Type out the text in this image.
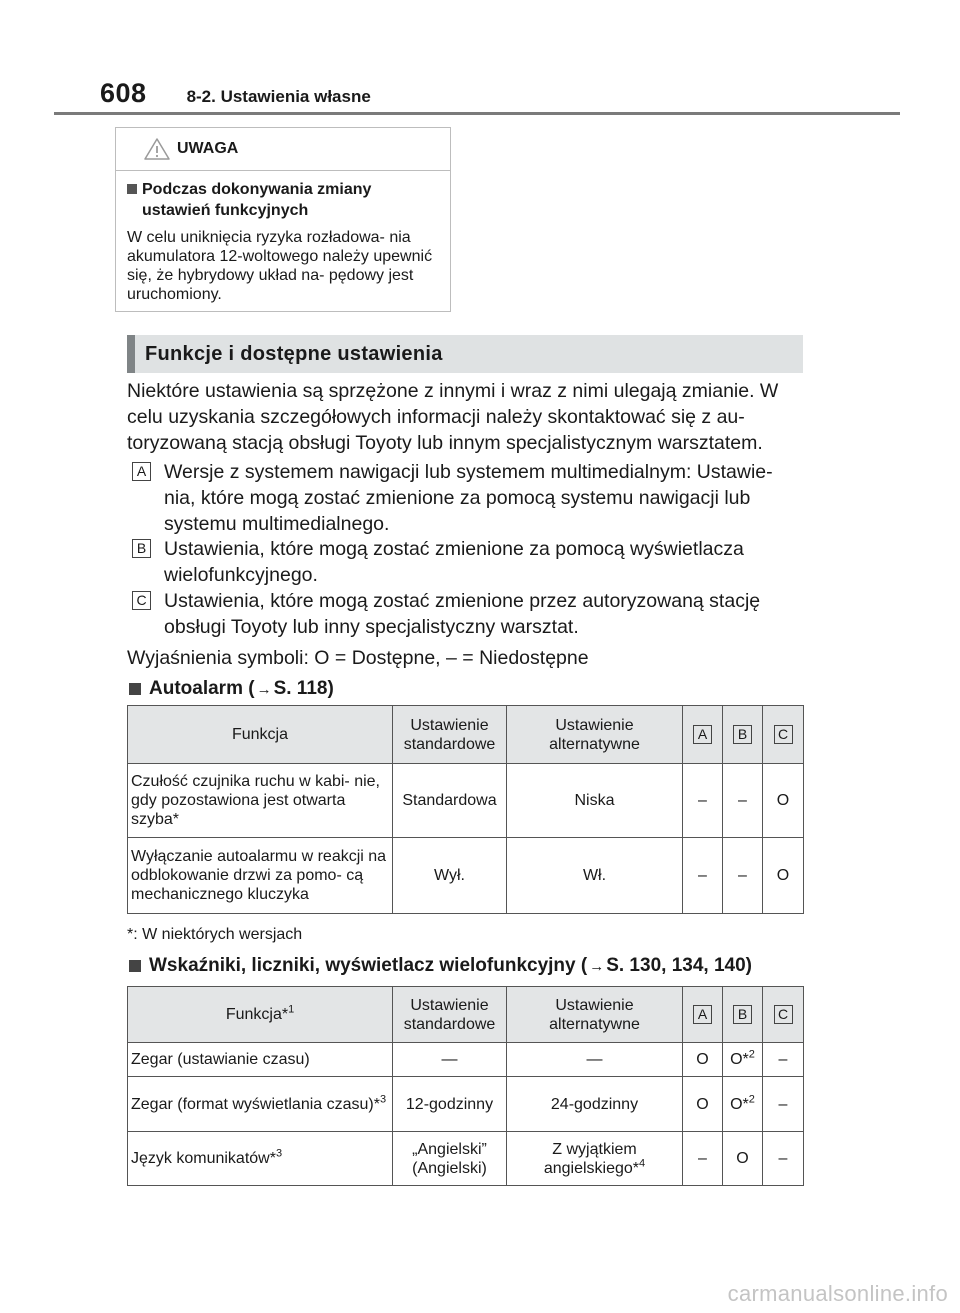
608 8-2. Ustawienia własne
UWAGA
Podczas dokonywania zmiany ustawień funkcyjnych
W celu uniknięcia ryzyka rozładowa- nia akumulatora 12-woltowego należy upewnić się, że hybrydowy układ na- pędowy jest uruchomiony.
Funkcje i dostępne ustawienia
Niektóre ustawienia są sprzężone z innymi i wraz z nimi ulegają zmianie. W celu uzyskania szczegółowych informacji należy skontaktować się z au- toryzowaną stacją obsługi Toyoty lub innym specjalistycznym warsztatem.
A Wersje z systemem nawigacji lub systemem multimedialnym: Ustawie- nia, które mogą zostać zmienione za pomocą systemu nawigacji lub systemu multimedialnego.
B Ustawienia, które mogą zostać zmienione za pomocą wyświetlacza wielofunkcyjnego.
C Ustawienia, które mogą zostać zmienione przez autoryzowaną stację obsługi Toyoty lub inny specjalistyczny warsztat.
Wyjaśnienia symboli: O = Dostępne, – = Niedostępne
Autoalarm ( → S. 118)
Funkcja	Ustawienie standardowe	Ustawienie alternatywne	A	B	C
Czułość czujnika ruchu w kabi- nie, gdy pozostawiona jest otwarta szyba*	Standardowa	Niska	–	–	O
Wyłączanie autoalarmu w reakcji na odblokowanie drzwi za pomo- cą mechanicznego kluczyka	Wył.	Wł.	–	–	O
*: W niektórych wersjach
Wskaźniki, liczniki, wyświetlacz wielofunkcyjny ( → S. 130, 134, 140)
Funkcja*$^1$	Ustawienie standardowe	Ustawienie alternatywne	A	B	C
Zegar (ustawianie czasu)	—	—	O	O*$^2$	–
Zegar (format wyświetlania czasu)*$^3$	12-godzinny	24-godzinny	O	O*$^2$	–
Język komunikatów*$^3$	„Angielski” (Angielski)	Z wyjątkiem angielskiego*$^4$	–	O	–
carmanualsonline.info
